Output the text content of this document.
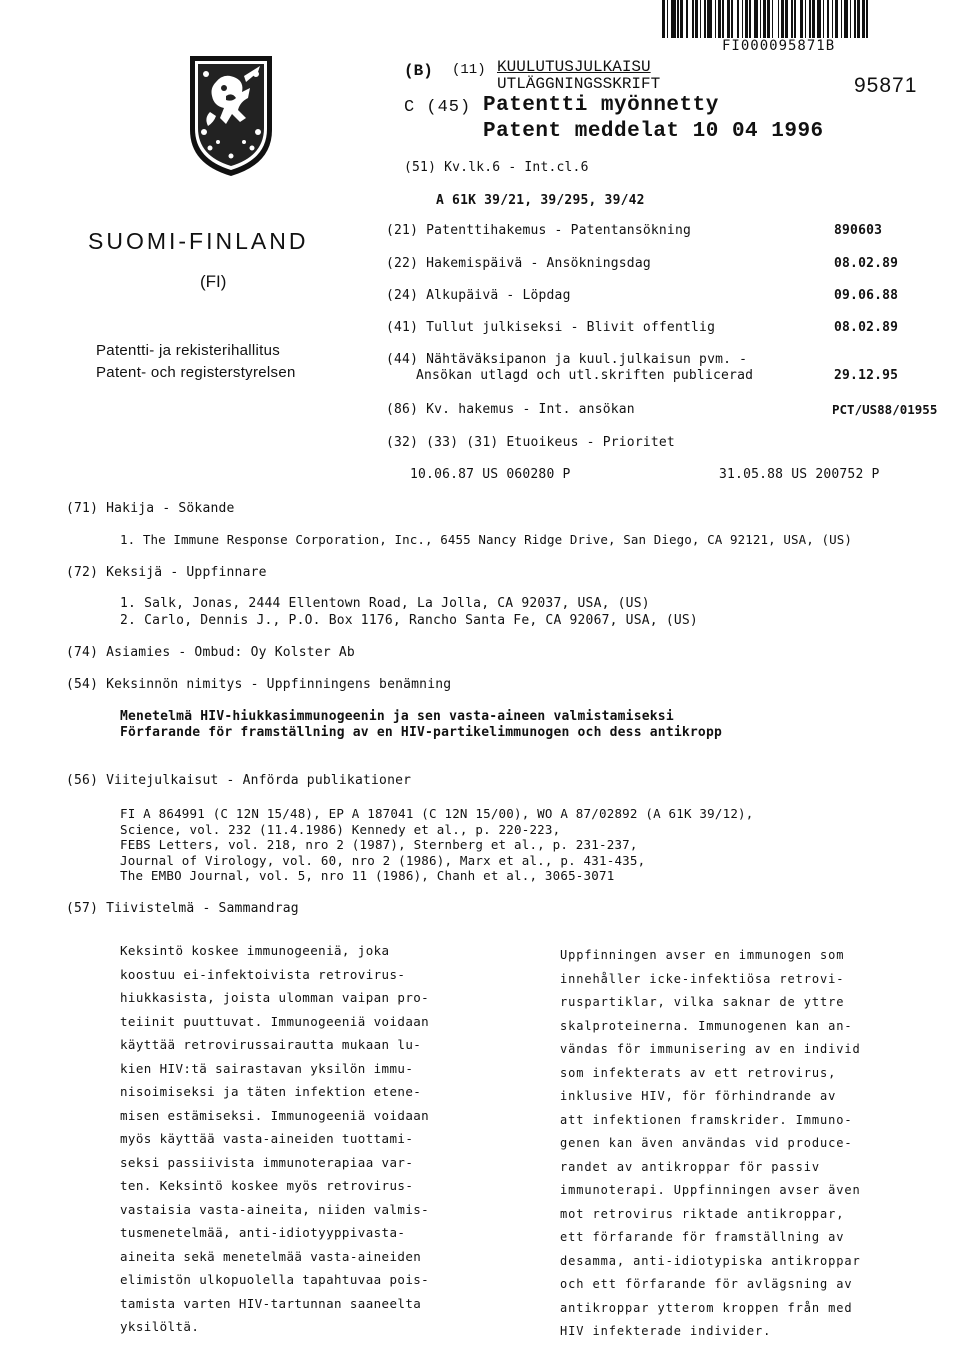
FI000095871B
SUOMI-FINLAND
(FI)
Patentti- ja rekisterihallitus
Patent- och registerstyrelsen
(B) (11) KUULUTUSJULKAISU
UTLÄGGNINGSSKRIFT	95871
C (45) Patentti myönnetty
Patent meddelat 10 04 1996
(51) Kv.lk.6 - Int.cl.6
A 61K 39/21, 39/295, 39/42
(21) Patenttihakemus - Patentansökning	890603
(22) Hakemispäivä - Ansökningsdag	08.02.89
(24) Alkupäivä - Löpdag	09.06.88
(41) Tullut julkiseksi - Blivit offentlig	08.02.89
(44) Nähtäväksipanon ja kuul.julkaisun pvm. -
Ansökan utlagd och utl.skriften publicerad	29.12.95
(86) Kv. hakemus - Int. ansökan	PCT/US88/01955
(32) (33) (31) Etuoikeus - Prioritet
10.06.87 US 060280 P	31.05.88 US 200752 P
(71) Hakija - Sökande
1. The Immune Response Corporation, Inc., 6455 Nancy Ridge Drive, San Diego, CA 92121, USA, (US)
(72) Keksijä - Uppfinnare
1. Salk, Jonas, 2444 Ellentown Road, La Jolla, CA 92037, USA, (US)
2. Carlo, Dennis J., P.O. Box 1176, Rancho Santa Fe, CA 92067, USA, (US)
(74) Asiamies - Ombud: Oy Kolster Ab
(54) Keksinnön nimitys - Uppfinningens benämning
Menetelmä HIV-hiukkasimmunogeenin ja sen vasta-aineen valmistamiseksi
Förfarande för framställning av en HIV-partikelimmunogen och dess antikropp
(56) Viitejulkaisut - Anförda publikationer
FI A 864991 (C 12N 15/48), EP A 187041 (C 12N 15/00), WO A 87/02892 (A 61K 39/12),
Science, vol. 232 (11.4.1986) Kennedy et al., p. 220-223,
FEBS Letters, vol. 218, nro 2 (1987), Sternberg et al., p. 231-237,
Journal of Virology, vol. 60, nro 2 (1986), Marx et al., p. 431-435,
The EMBO Journal, vol. 5, nro 11 (1986), Chanh et al., 3065-3071
(57) Tiivistelmä - Sammandrag
Keksintö koskee immunogeeniä, joka
koostuu ei-infektoivista retrovirus-
hiukkasista, joista ulomman vaipan pro-
teiinit puuttuvat. Immunogeeniä voidaan
käyttää retrovirussairautta mukaan lu-
kien HIV:tä sairastavan yksilön immu-
nisoimiseksi ja täten infektion etene-
misen estämiseksi. Immunogeeniä voidaan
myös käyttää vasta-aineiden tuottami-
seksi passiivista immunoterapiaa var-
ten. Keksintö koskee myös retrovirus-
vastaisia vasta-aineita, niiden valmis-
tusmenetelmää, anti-idiotyyppivasta-
aineita sekä menetelmää vasta-aineiden
elimistön ulkopuolella tapahtuvaa pois-
tamista varten HIV-tartunnan saaneelta
yksilöltä.
Uppfinningen avser en immunogen som
innehåller icke-infektiösa retrovi-
ruspartiklar, vilka saknar de yttre
skalproteinerna. Immunogenen kan an-
vändas för immunisering av en individ
som infekterats av ett retrovirus,
inklusive HIV, för förhindrande av
att infektionen framskrider. Immuno-
genen kan även användas vid produce-
randet av antikroppar för passiv
immunoterapi. Uppfinningen avser även
mot retrovirus riktade antikroppar,
ett förfarande för framställning av
desamma, anti-idiotypiska antikroppar
och ett förfarande för avlägsning av
antikroppar ytterom kroppen från med
HIV infekterade individer.
